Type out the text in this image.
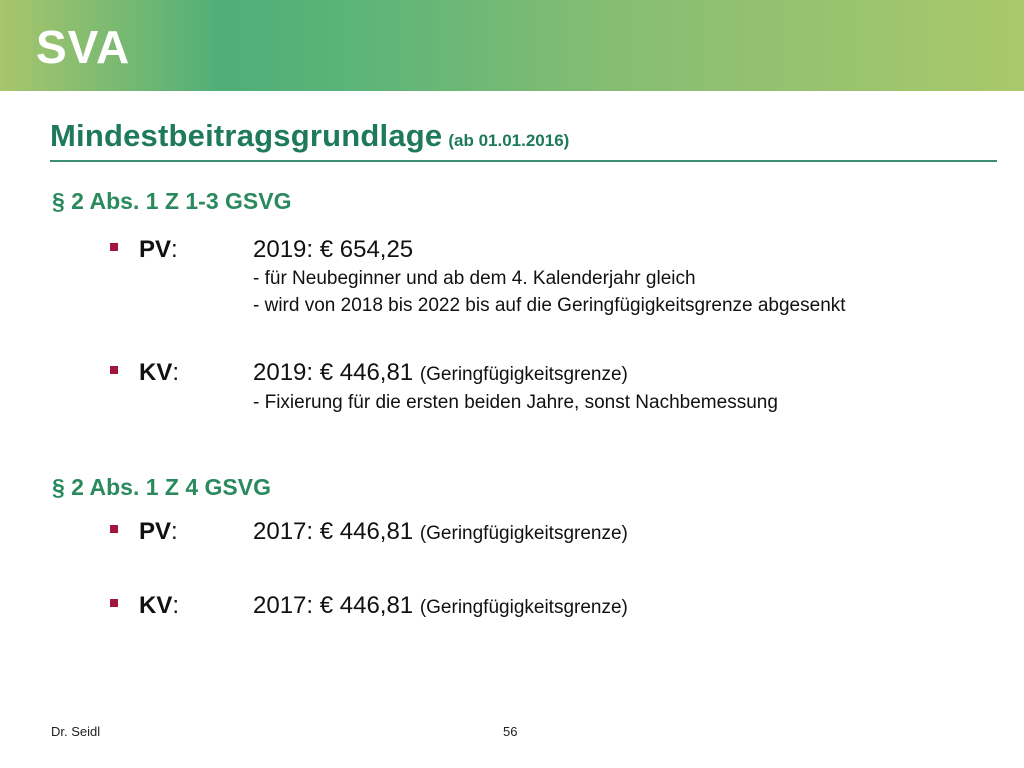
SVA
Mindestbeitragsgrundlage (ab 01.01.2016)
§ 2 Abs. 1 Z 1-3 GSVG
PV:	2019: € 654,25
- für Neubeginner und ab dem 4. Kalenderjahr gleich
- wird von 2018 bis 2022 bis auf die Geringfügigkeitsgrenze abgesenkt
KV:	2019: € 446,81 (Geringfügigkeitsgrenze)
- Fixierung für die ersten beiden Jahre, sonst Nachbemessung
§ 2 Abs. 1 Z 4 GSVG
PV:	2017: € 446,81 (Geringfügigkeitsgrenze)
KV:	2017: € 446,81 (Geringfügigkeitsgrenze)
Dr. Seidl	56
